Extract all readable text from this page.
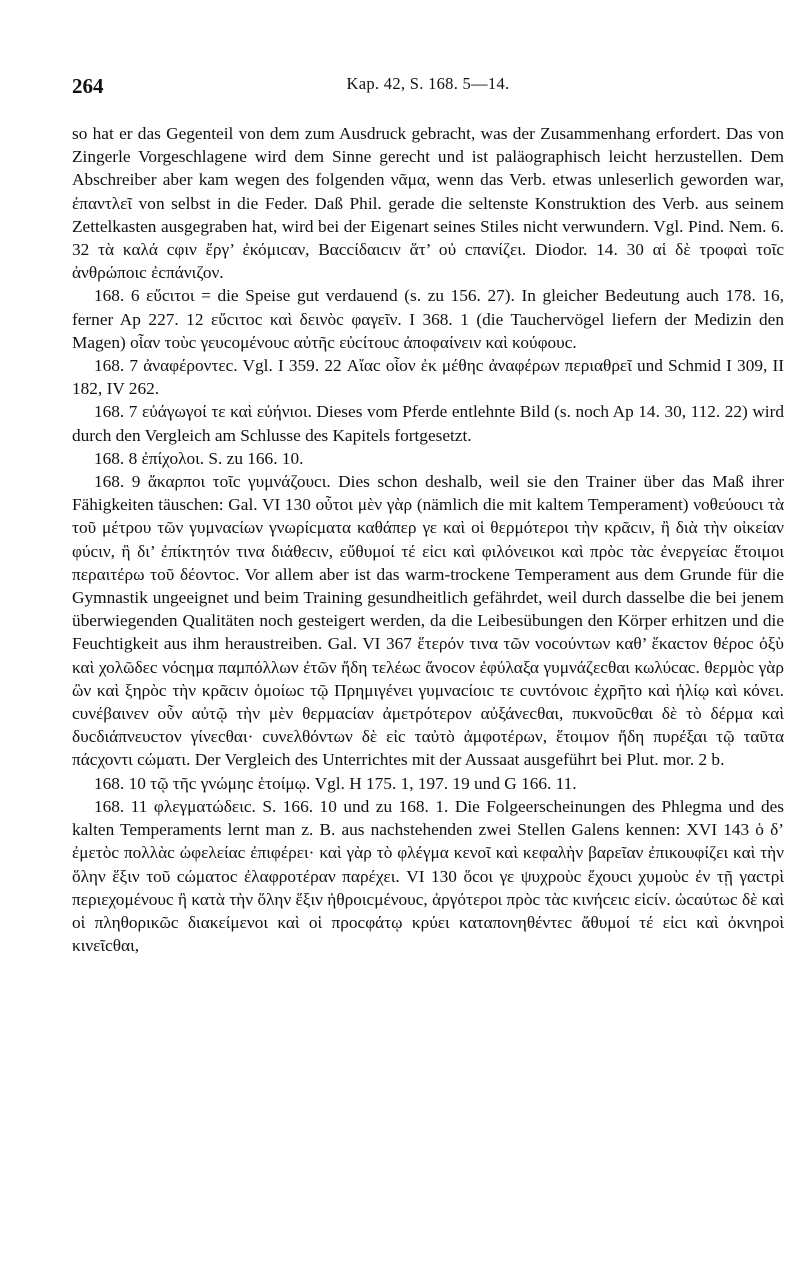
264	Kap. 42, S. 168. 5—14.

so hat er das Gegenteil von dem zum Ausdruck gebracht, was der Zusammenhang erfordert. Das von Zingerle Vorgeschlagene wird dem Sinne gerecht und ist paläographisch leicht herzustellen. Dem Abschreiber aber kam wegen des folgenden νᾶμα, wenn das Verb. etwas unleserlich geworden war, ἐπαντλεῖ von selbst in die Feder. Daß Phil. gerade die seltenste Konstruktion des Verb. aus seinem Zettelkasten ausgegraben hat, wird bei der Eigenart seines Stiles nicht verwundern. Vgl. Pind. Nem. 6. 32 τὰ καλά cφιν ἔργ’ ἐκόμιcαν, Βαccίδαιcιν ἅτ’ οὐ cπανίζει. Diodor. 14. 30 αἱ δὲ τροφαὶ τοῖc ἀνθρώποιc ἐcπάνιζον.

168. 6 εὔcιτοι = die Speise gut verdauend (s. zu 156. 27). In gleicher Bedeutung auch 178. 16, ferner Ap 227. 12 εὔcιτοc καὶ δεινὸc φαγεῖν. I 368. 1 (die Tauchervögel liefern der Medizin den Magen) οἷαν τοὺc γευcομένουc αὐτῆc εὐcίτουc ἀποφαίνειν καὶ κούφουc.

168. 7 ἀναφέροντεc. Vgl. I 359. 22 Αἴαc οἷον ἐκ μέθηc ἀναφέρων περιαθρεῖ und Schmid I 309, II 182, IV 262.

168. 7 εὐάγωγοί τε καὶ εὐήνιοι. Dieses vom Pferde entlehnte Bild (s. noch Ap 14. 30, 112. 22) wird durch den Vergleich am Schlusse des Kapitels fortgesetzt.

168. 8 ἐπίχολοι. S. zu 166. 10.

168. 9 ἄκαρποι τοῖc γυμνάζουcι. Dies schon deshalb, weil sie den Trainer über das Maß ihrer Fähigkeiten täuschen: Gal. VI 130 οὗτοι μὲν γὰρ (nämlich die mit kaltem Temperament) νοθεύουcι τὰ τοῦ μέτρου τῶν γυμναcίων γνωρίcματα καθάπερ γε καὶ οἱ θερμότεροι τὴν κρᾶcιν, ἢ διὰ τὴν οἰκείαν φύcιν, ἢ δι’ ἐπίκτητόν τινα διάθεcιν, εὔθυμοί τέ εἰcι καὶ φιλόνεικοι καὶ πρὸc τὰc ἐνεργείαc ἕτοιμοι περαιτέρω τοῦ δέοντοc. Vor allem aber ist das warm-trockene Temperament aus dem Grunde für die Gymnastik ungeeignet und beim Training gesundheitlich gefährdet, weil durch dasselbe die bei jenem überwiegenden Qualitäten noch gesteigert werden, da die Leibesübungen den Körper erhitzen und die Feuchtigkeit aus ihm heraustreiben. Gal. VI 367 ἕτερόν τινα τῶν νοcούντων καθ’ ἕκαcτον θέροc ὀξὺ καὶ χολῶδεc νόcημα παμπόλλων ἐτῶν ἤδη τελέωc ἄνοcον ἐφύλαξα γυμνάζεcθαι κωλύcαc. θερμὸc γὰρ ὢν καὶ ξηρὸc τὴν κρᾶcιν ὁμοίωc τῷ Πρημιγένει γυμναcίοιc τε cυντόνοιc ἐχρῆτο καὶ ἡλίῳ καὶ κόνει. cυνέβαινεν οὖν αὐτῷ τὴν μὲν θερμαcίαν ἀμετρότερον αὐξάνεcθαι, πυκνοῦcθαι δὲ τὸ δέρμα καὶ δυcδιάπνευcτον γίνεcθαι· cυνελθόντων δὲ εἰc ταὐτὸ ἀμφοτέρων, ἕτοιμον ἤδη πυρέξαι τῷ ταῦτα πάcχοντι cώματι. Der Vergleich des Unterrichtes mit der Aussaat ausgeführt bei Plut. mor. 2 b.

168. 10 τῷ τῆc γνώμηc ἑτοίμῳ. Vgl. H 175. 1, 197. 19 und G 166. 11.

168. 11 φλεγματώδειc. S. 166. 10 und zu 168. 1. Die Folgeerscheinungen des Phlegma und des kalten Temperaments lernt man z. B. aus nachstehenden zwei Stellen Galens kennen: XVI 143 ὁ δ’ ἐμετὸc πολλὰc ὠφελείαc ἐπιφέρει· καὶ γὰρ τὸ φλέγμα κενοῖ καὶ κεφαλὴν βαρεῖαν ἐπικουφίζει καὶ τὴν ὅλην ἕξιν τοῦ cώματοc ἐλαφροτέραν παρέχει. VI 130 ὅcοι γε ψυχροὺc ἔχουcι χυμοὺc ἐν τῇ γαcτρὶ περιεχομένουc ἢ κατὰ τὴν ὅλην ἕξιν ἠθροιcμένουc, ἀργότεροι πρὸc τὰc κινήcειc εἰcίν. ὡcαύτωc δὲ καὶ οἱ πληθορικῶc διακείμενοι καὶ οἱ προcφάτῳ κρύει καταπονηθέντεc ἄθυμοί τέ εἰcι καὶ ὀκνηροὶ κινεῖcθαι,
